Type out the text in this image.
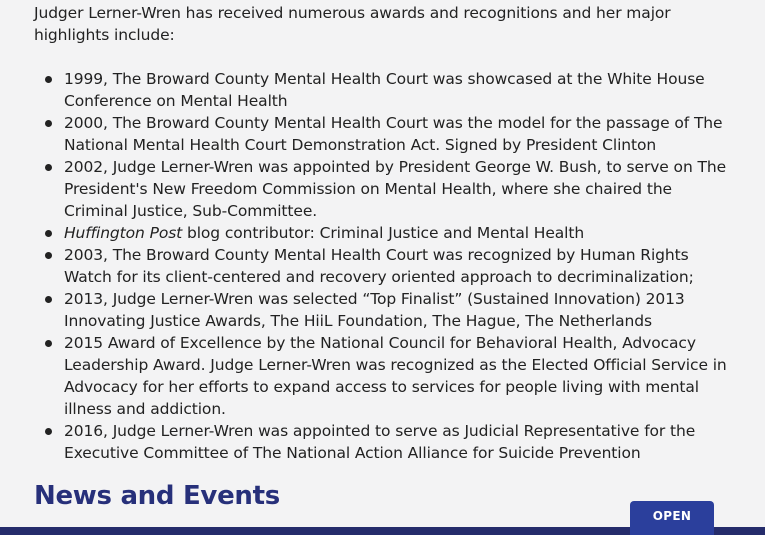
Judger Lerner-Wren has received numerous awards and recognitions and her major highlights include:

1999, The Broward County Mental Health Court was showcased at the White House Conference on Mental Health
2000, The Broward County Mental Health Court was the model for the passage of The National Mental Health Court Demonstration Act. Signed by President Clinton
2002, Judge Lerner-Wren was appointed by President George W. Bush, to serve on The President's New Freedom Commission on Mental Health, where she chaired the Criminal Justice, Sub-Committee.
Huffington Post blog contributor: Criminal Justice and Mental Health
2003, The Broward County Mental Health Court was recognized by Human Rights Watch for its client-centered and recovery oriented approach to decriminalization;
2013, Judge Lerner-Wren was selected “Top Finalist” (Sustained Innovation) 2013 Innovating Justice Awards, The HiiL Foundation, The Hague, The Netherlands
2015 Award of Excellence by the National Council for Behavioral Health, Advocacy Leadership Award. Judge Lerner-Wren was recognized as the Elected Official Service in Advocacy for her efforts to expand access to services for people living with mental illness and addiction.
2016, Judge Lerner-Wren was appointed to serve as Judicial Representative for the Executive Committee of The National Action Alliance for Suicide Prevention
News and Events
OPEN
